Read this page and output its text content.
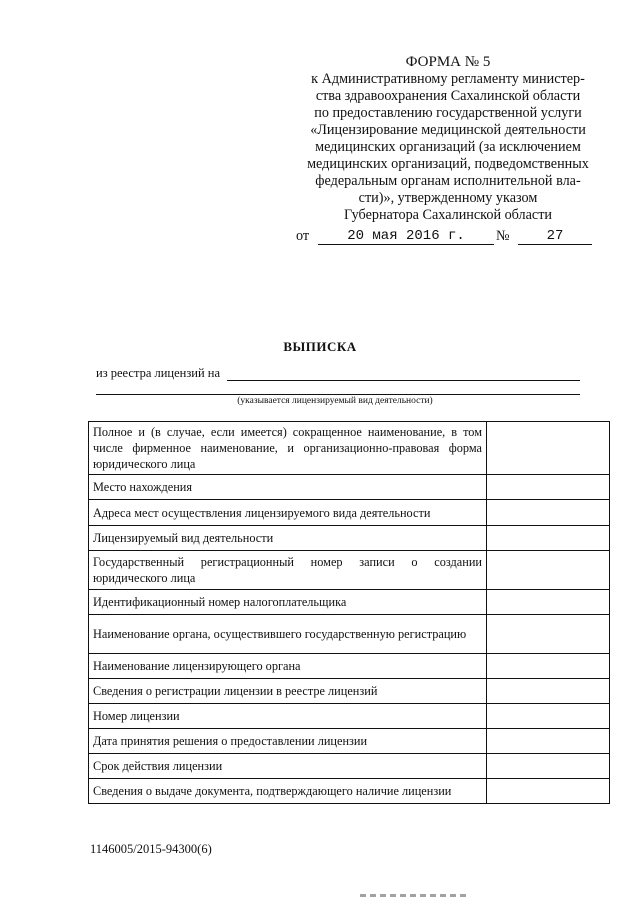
ФОРМА № 5
к Административному регламенту министер-
ства здравоохранения Сахалинской области
по предоставлению государственной услуги
«Лицензирование медицинской деятельности
медицинских организаций (за исключением
медицинских организаций, подведомственных
федеральным органам исполнительной вла-
сти)», утвержденному указом
Губернатора Сахалинской области
от	20 мая 2016 г.	№	27
ВЫПИСКА
из реестра лицензий на
(указывается лицензируемый вид деятельности)
Полное и (в случае, если имеется) сокращенное наименование, в том числе фирменное наименование, и организационно-правовая форма юридического лица	
Место нахождения	
Адреса мест осуществления лицензируемого вида деятельности	
Лицензируемый вид деятельности	
Государственный регистрационный номер записи о создании юридического лица	
Идентификационный номер налогоплательщика	
Наименование органа, осуществившего государственную регистрацию	
Наименование лицензирующего органа	
Сведения о регистрации лицензии в реестре лицензий	
Номер лицензии	
Дата принятия решения о предоставлении лицензии	
Срок действия лицензии	
Сведения о выдаче документа, подтверждающего наличие лицензии	
1146005/2015-94300(6)
